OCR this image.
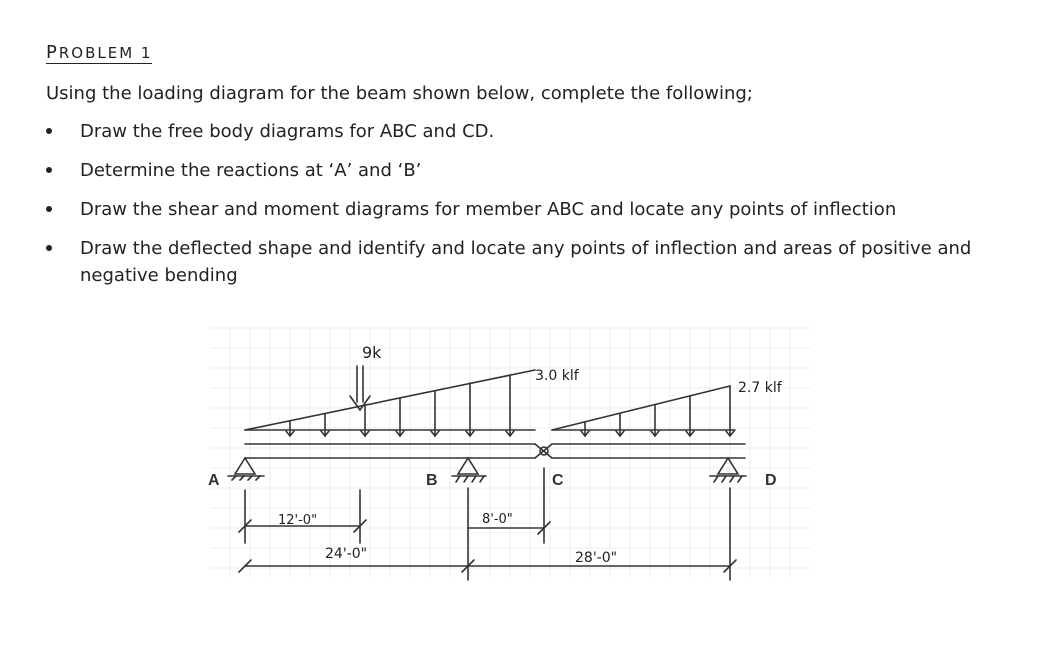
PROBLEM 1
Using the loading diagram for the beam shown below, complete the following;
Draw the free body diagrams for ABC and CD.
Determine the reactions at ‘A’ and ‘B’
Draw the shear and moment diagrams for member ABC and locate any points of inflection
Draw the deflected shape and identify and locate any points of inflection and areas of positive and negative bending
9k
3.0 klf
2.7 klf
A	B	C	D
12'-0"
24'-0"
8'-0"
28'-0"
